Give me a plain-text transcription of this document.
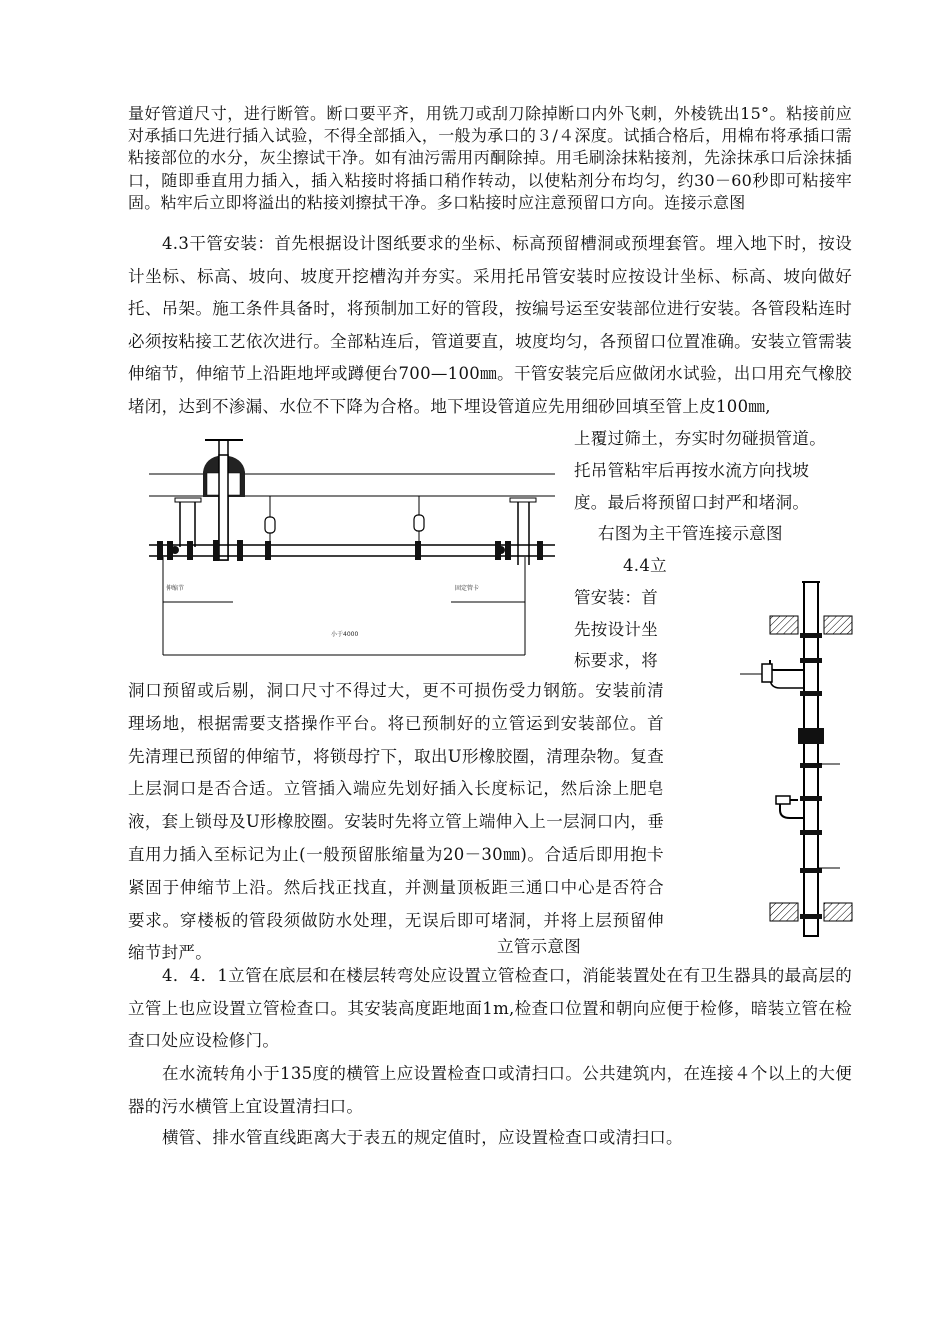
量好管道尺寸，进行断管。断口要平齐，用铣刀或刮刀除掉断口内外飞刺，外棱铣出15°。粘接前应对承插口先进行插入试验，不得全部插入，一般为承口的３/４深度。试插合格后，用棉布将承插口需粘接部位的水分，灰尘擦试干净。如有油污需用丙酮除掉。用毛刷涂抹粘接剂，先涂抹承口后涂抹插口，随即垂直用力插入，插入粘接时将插口稍作转动，以使粘剂分布均匀，约30－60秒即可粘接牢固。粘牢后立即将溢出的粘接刘擦拭干净。多口粘接时应注意预留口方向。连接示意图
4.3干管安装：首先根据设计图纸要求的坐标、标高预留槽洞或预埋套管。埋入地下时，按设计坐标、标高、坡向、坡度开挖槽沟并夯实。采用托吊管安装时应按设计坐标、标高、坡向做好托、吊架。施工条件具备时，将预制加工好的管段，按编号运至安装部位进行安装。各管段粘连时必须按粘接工艺依次进行。全部粘连后，管道要直，坡度均匀，各预留口位置准确。安装立管需装伸缩节，伸缩节上沿距地坪或蹲便台700—100㎜。干管安装完后应做闭水试验，出口用充气橡胶堵闭，达到不渗漏、水位不下降为合格。地下埋设管道应先用细砂回填至管上皮100㎜,
伸缩节	固定管卡
小于4000
上覆过筛土，夯实时勿碰损管道。
托吊管粘牢后再按水流方向找坡
度。最后将预留口封严和堵洞。
右图为主干管连接示意图
4.4立
管安装：首
先按设计坐
标要求，将
洞口预留或后剔，洞口尺寸不得过大，更不可损伤受力钢筋。安装前清理场地，根据需要支搭操作平台。将已预制好的立管运到安装部位。首先清理已预留的伸缩节，将锁母拧下，取出U形橡胶圈，清理杂物。复查上层洞口是否合适。立管插入端应先划好插入长度标记，然后涂上肥皂液，套上锁母及U形橡胶圈。安装时先将立管上端伸入上一层洞口内，垂直用力插入至标记为止(一般预留胀缩量为20－30㎜)。合适后即用抱卡紧固于伸缩节上沿。然后找正找直，并测量顶板距三通口中心是否符合要求。穿楼板的管段须做防水处理，无误后即可堵洞，并将上层预留伸缩节封严。	立管示意图
4．4．1立管在底层和在楼层转弯处应设置立管检查口，消能装置处在有卫生器具的最高层的立管上也应设置立管检查口。其安装高度距地面1m,检查口位置和朝向应便于检修，暗装立管在检查口处应设检修门。
在水流转角小于135度的横管上应设置检查口或清扫口。公共建筑内，在连接４个以上的大便器的污水横管上宜设置清扫口。
横管、排水管直线距离大于表五的规定值时，应设置检查口或清扫口。
